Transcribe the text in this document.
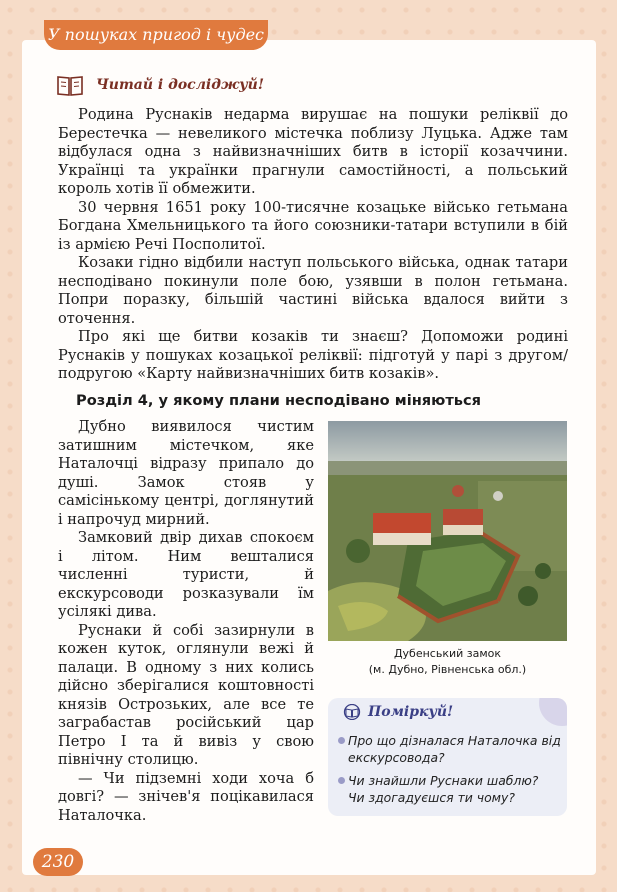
У пошуках пригод і чудес
Читай і досліджуй!

Родина Руснаків недарма вирушає на пошуки реліквії до Берестечка — невеликого містечка поблизу Луцька. Адже там відбулася одна з найвизначніших битв в історії козаччини. Українці та українки прагнули самостійності, а польський король хотів її обмежити.

30 червня 1651 року 100-тисячне козацьке військо гетьмана Богдана Хмельницького та його союзники-татари вступили в бій із армією Речі Посполитої.

Козаки гідно відбили наступ польського війська, однак татари несподівано покинули поле бою, узявши в полон гетьмана. Попри поразку, більшій частині війська вдалося вийти з оточення.

Про які ще битви козаків ти знаєш? Допоможи родині Руснаків у пошуках козацької реліквії: підготуй у парі з другом/подругою «Карту найвизначніших битв козаків».

Розділ 4, у якому плани несподівано міняються

Дубно виявилося чистим затишним містечком, яке Наталочці відразу припало до душі. Замок стояв у самісінькому центрі, доглянутий і напрочуд мирний.

Замковий двір дихав спокоєм і літом. Ним вешталися численні туристи, й екскурсоводи розказували їм усілякі дива.

Руснаки й собі зазирнули в кожен куток, оглянули вежі й палаци. В одному з них колись дійсно зберігалися коштовності князів Острозьких, але все те заграбастав російський цар Петро І та й вивіз у свою північну столицю.

— Чи підземні ходи хоча б довгі? — знічев'я поцікавилася Наталочка.

Дубенський замок
(м. Дубно, Рівненська обл.)
Поміркуй!
Про що дізналася Наталочка від
екскурсовода?
Чи знайшли Руснаки шаблю?
Чи здогадуєшся ти чому?
230
